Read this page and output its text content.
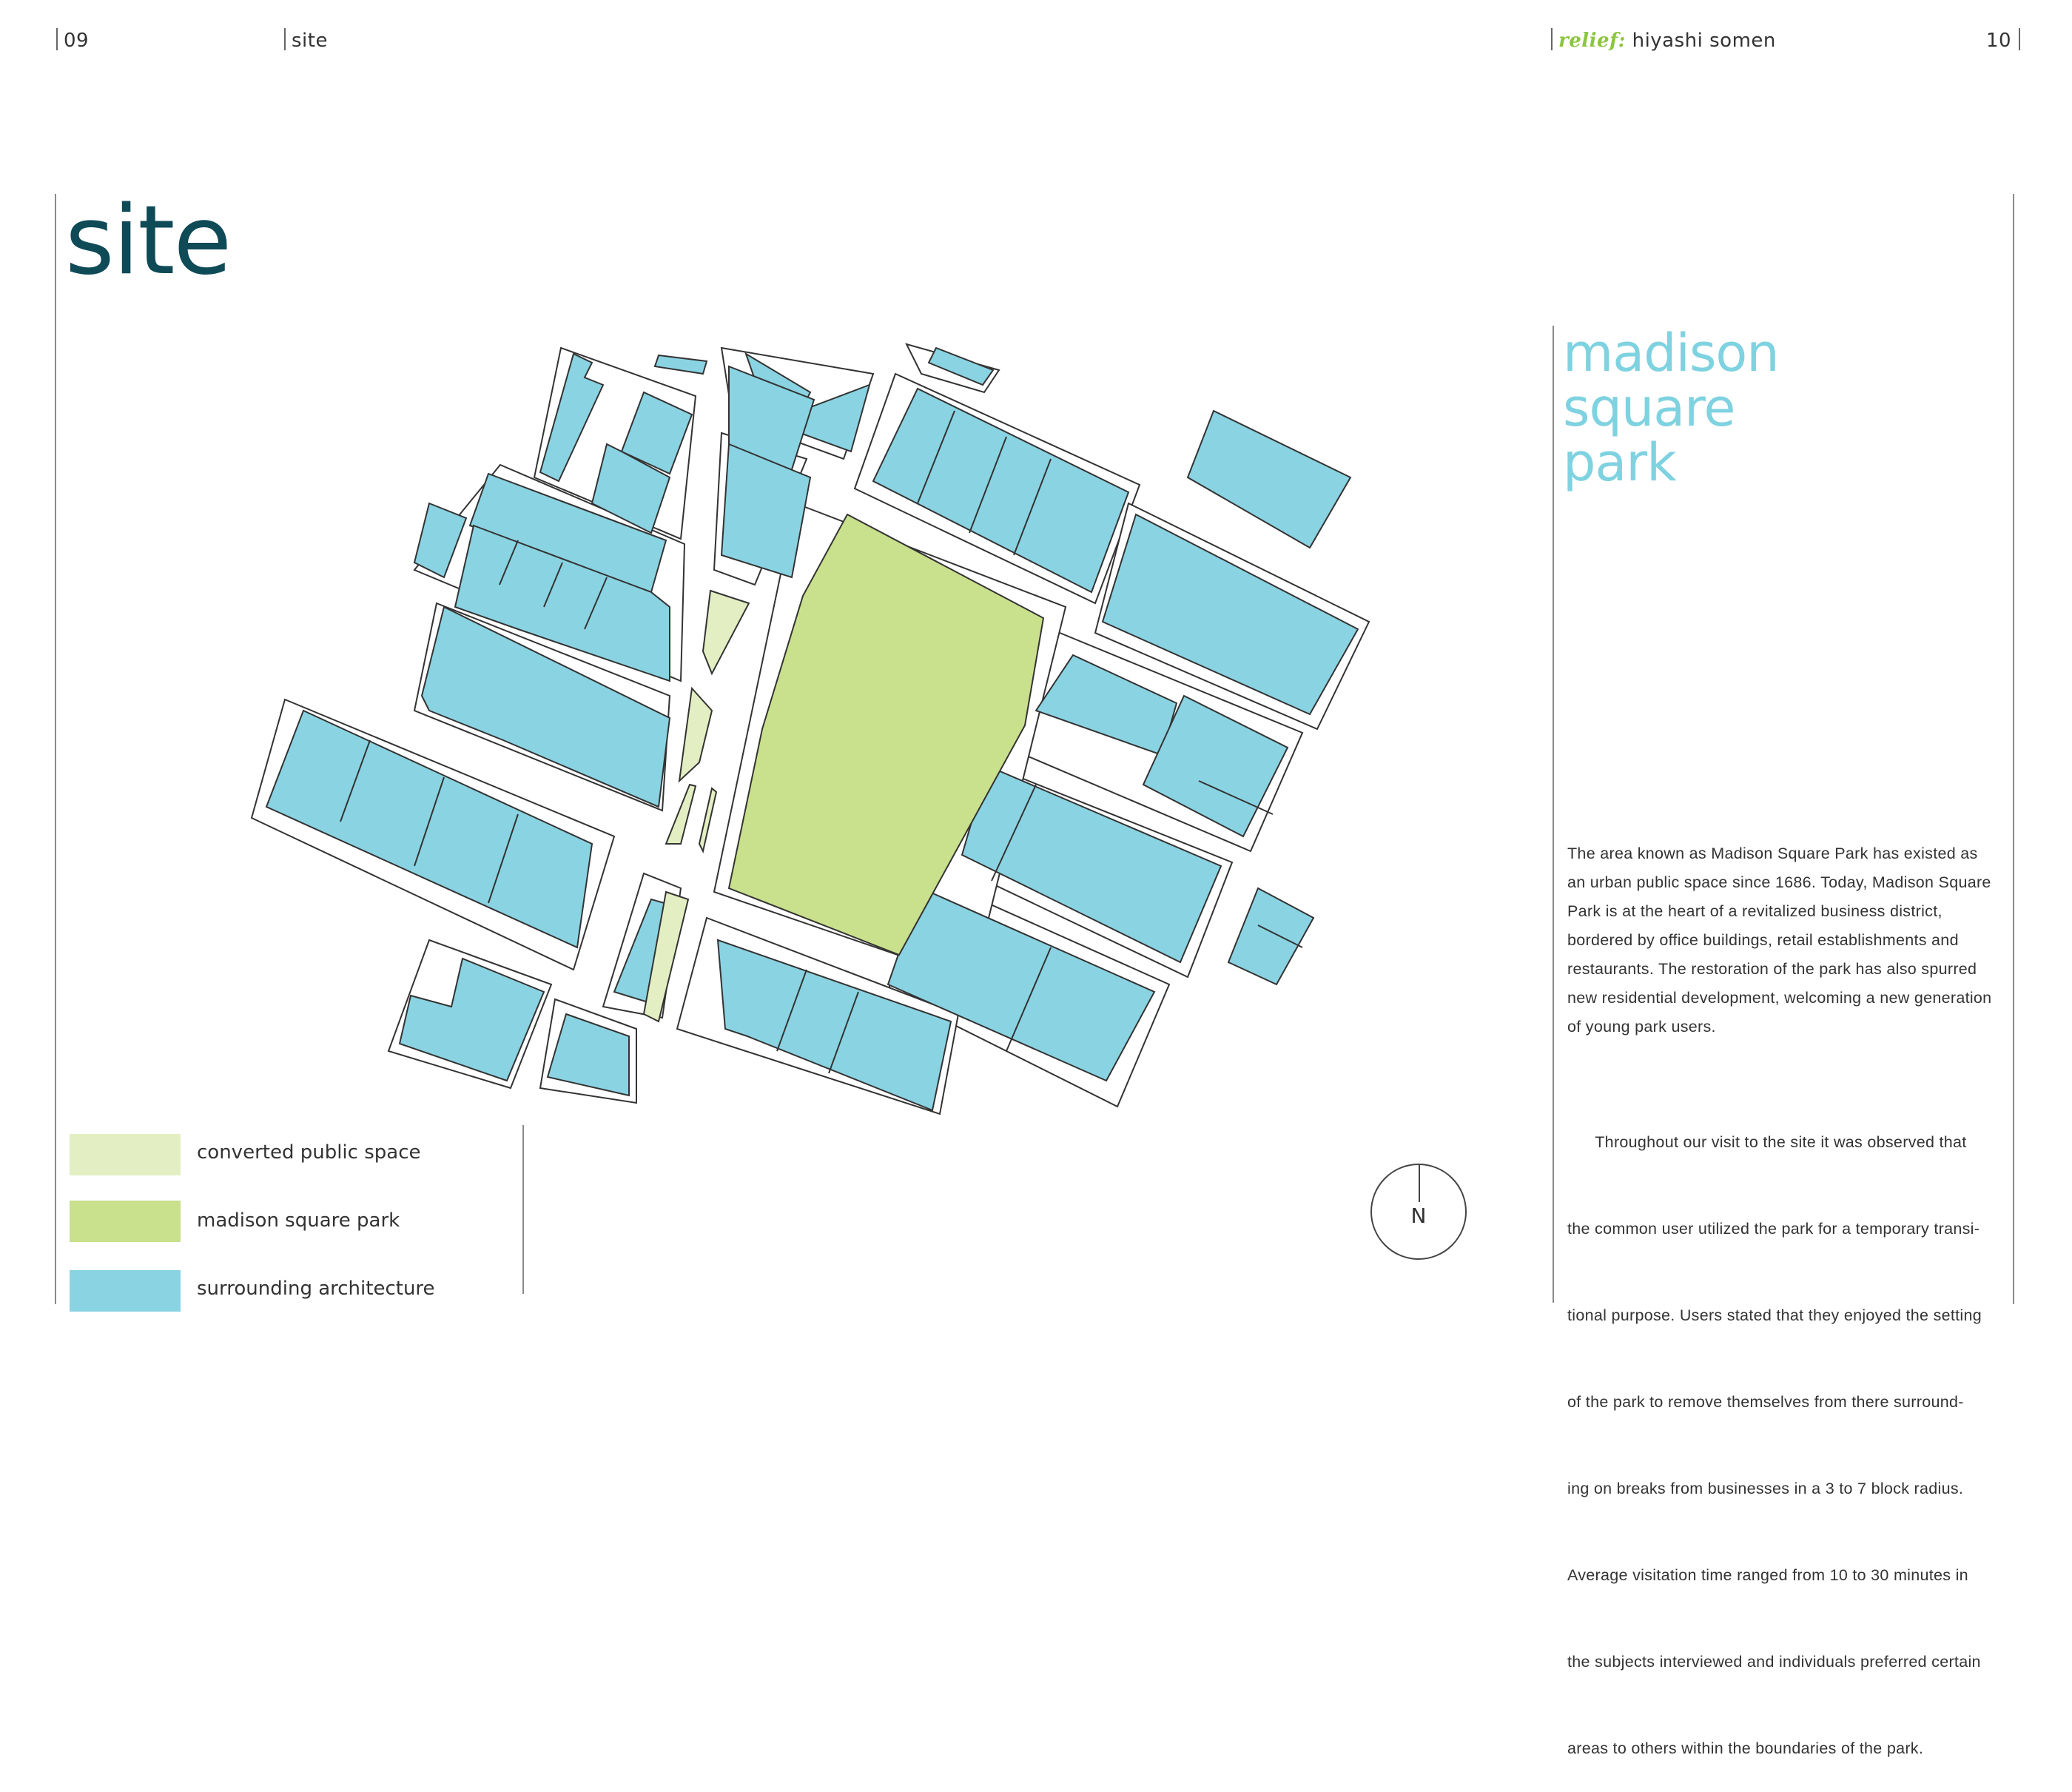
09	site	relief: hiyashi somen	10
site
madison
square
park
The area known as Madison Square Park has existed as
an urban public space since 1686. Today, Madison Square
Park is at the heart of a revitalized business district,
bordered by office buildings, retail establishments and
restaurants. The restoration of the park has also spurred
new residential development, welcoming a new generation
of young park users.

Throughout our visit to the site it was observed that

the common user utilized the park for a temporary transi-

tional purpose. Users stated that they enjoyed the setting

of the park to remove themselves from there surround-

ing on breaks from businesses in a 3 to 7 block radius.

Average visitation time ranged from 10 to 30 minutes in

the subjects interviewed and individuals preferred certain

areas to others within the boundaries of the park.

converted public space
madison square park
surrounding architecture
N
